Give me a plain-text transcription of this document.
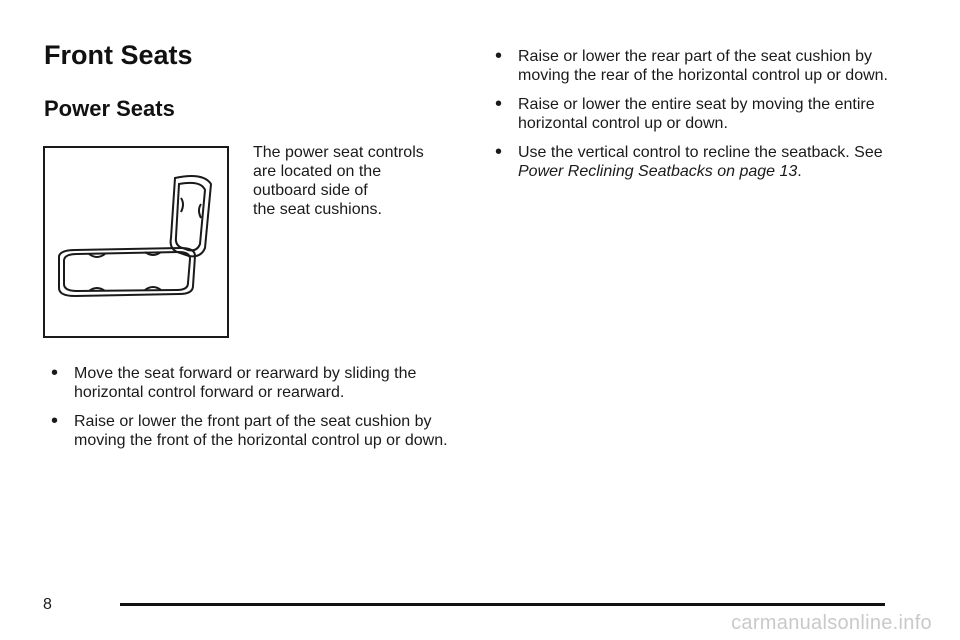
Front Seats
Power Seats
The power seat controls
are located on the
outboard side of
the seat cushions.
• Move the seat forward or rearward by sliding the horizontal control forward or rearward.
• Raise or lower the front part of the seat cushion by moving the front of the horizontal control up or down.
• Raise or lower the rear part of the seat cushion by moving the rear of the horizontal control up or down.
• Raise or lower the entire seat by moving the entire horizontal control up or down.
• Use the vertical control to recline the seatback. See Power Reclining Seatbacks on page 13.
8
carmanualsonline.info
